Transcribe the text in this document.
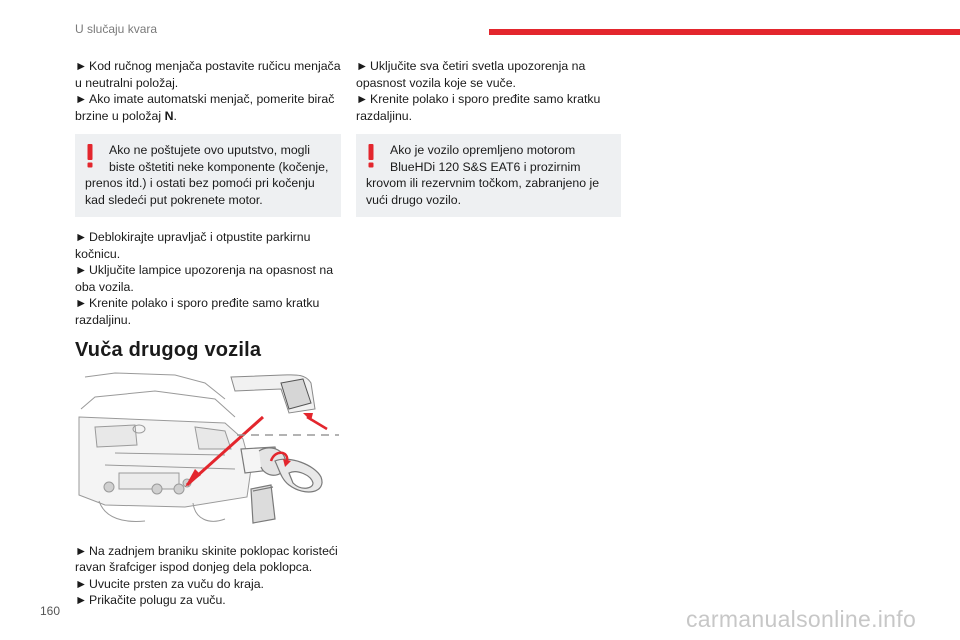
U slučaju kvara

► Kod ručnog menjača postavite ručicu menjača u neutralni položaj.

► Ako imate automatski menjač, pomerite birač brzine u položaj N.

Ako ne poštujete ovo uputstvo, mogli
biste oštetiti neke komponente (kočenje,
prenos itd.) i ostati bez pomoći pri kočenju kad sledeći put pokrenete motor.

► Deblokirajte upravljač i otpustite parkirnu kočnicu.

► Uključite lampice upozorenja na opasnost na oba vozila.

► Krenite polako i sporo pređite samo kratku razdaljinu.

Vuča drugog vozila

► Na zadnjem braniku skinite poklopac koristeći ravan šrafciger ispod donjeg dela poklopca.

► Uvucite prsten za vuču do kraja.

► Prikačite polugu za vuču.

► Uključite sva četiri svetla upozorenja na opasnost vozila koje se vuče.

► Krenite polako i sporo pređite samo kratku razdaljinu.

Ako je vozilo opremljeno motorom
BlueHDi 120 S&S EAT6 i prozirnim
krovom ili rezervnim točkom, zabranjeno je vući drugo vozilo.
160	carmanualsonline.info
